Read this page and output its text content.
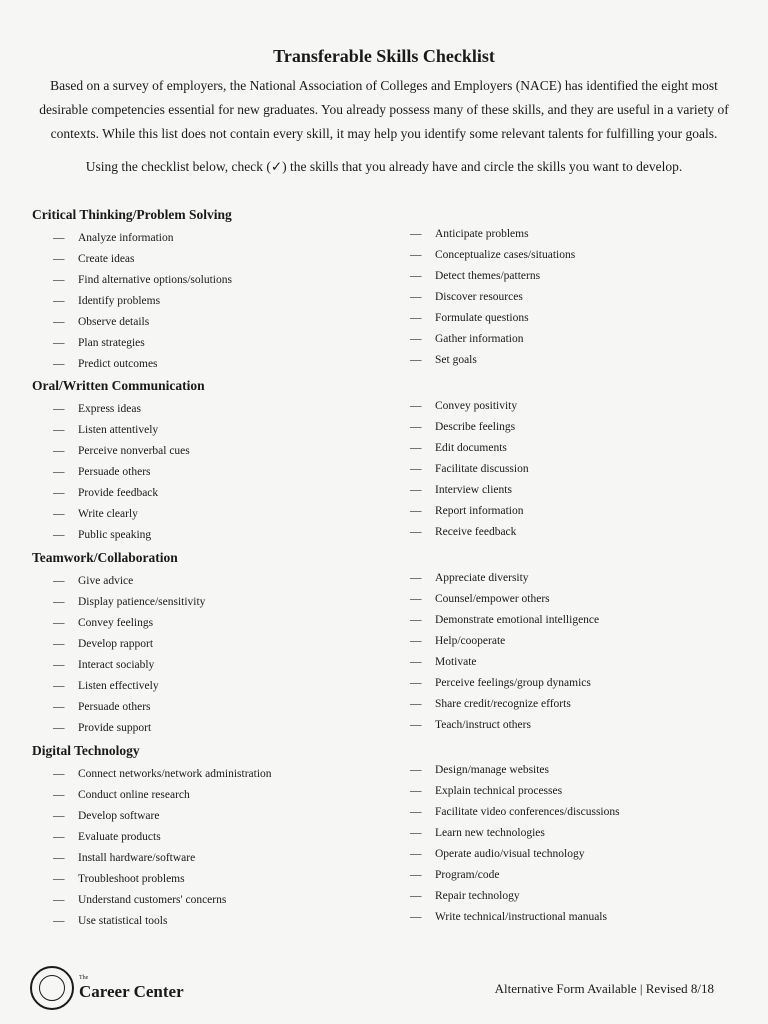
Transferable Skills Checklist
Based on a survey of employers, the National Association of Colleges and Employers (NACE) has identified the eight most desirable competencies essential for new graduates. You already possess many of these skills, and they are useful in a variety of contexts. While this list does not contain every skill, it may help you identify some relevant talents for fulfilling your goals.
Using the checklist below, check (✓) the skills that you already have and circle the skills you want to develop.
Critical Thinking/Problem Solving
— Analyze information
— Create ideas
— Find alternative options/solutions
— Identify problems
— Observe details
— Plan strategies
— Predict outcomes
— Anticipate problems
— Conceptualize cases/situations
— Detect themes/patterns
— Discover resources
— Formulate questions
— Gather information
— Set goals
Oral/Written Communication
— Express ideas
— Listen attentively
— Perceive nonverbal cues
— Persuade others
— Provide feedback
— Write clearly
— Public speaking
— Convey positivity
— Describe feelings
— Edit documents
— Facilitate discussion
— Interview clients
— Report information
— Receive feedback
Teamwork/Collaboration
— Give advice
— Display patience/sensitivity
— Convey feelings
— Develop rapport
— Interact sociably
— Listen effectively
— Persuade others
— Provide support
— Appreciate diversity
— Counsel/empower others
— Demonstrate emotional intelligence
— Help/cooperate
— Motivate
— Perceive feelings/group dynamics
— Share credit/recognize efforts
— Teach/instruct others
Digital Technology
— Connect networks/network administration
— Conduct online research
— Develop software
— Evaluate products
— Install hardware/software
— Troubleshoot problems
— Understand customers' concerns
— Use statistical tools
— Design/manage websites
— Explain technical processes
— Facilitate video conferences/discussions
— Learn new technologies
— Operate audio/visual technology
— Program/code
— Repair technology
— Write technical/instructional manuals
The
Career Center	Alternative Form Available | Revised 8/18
